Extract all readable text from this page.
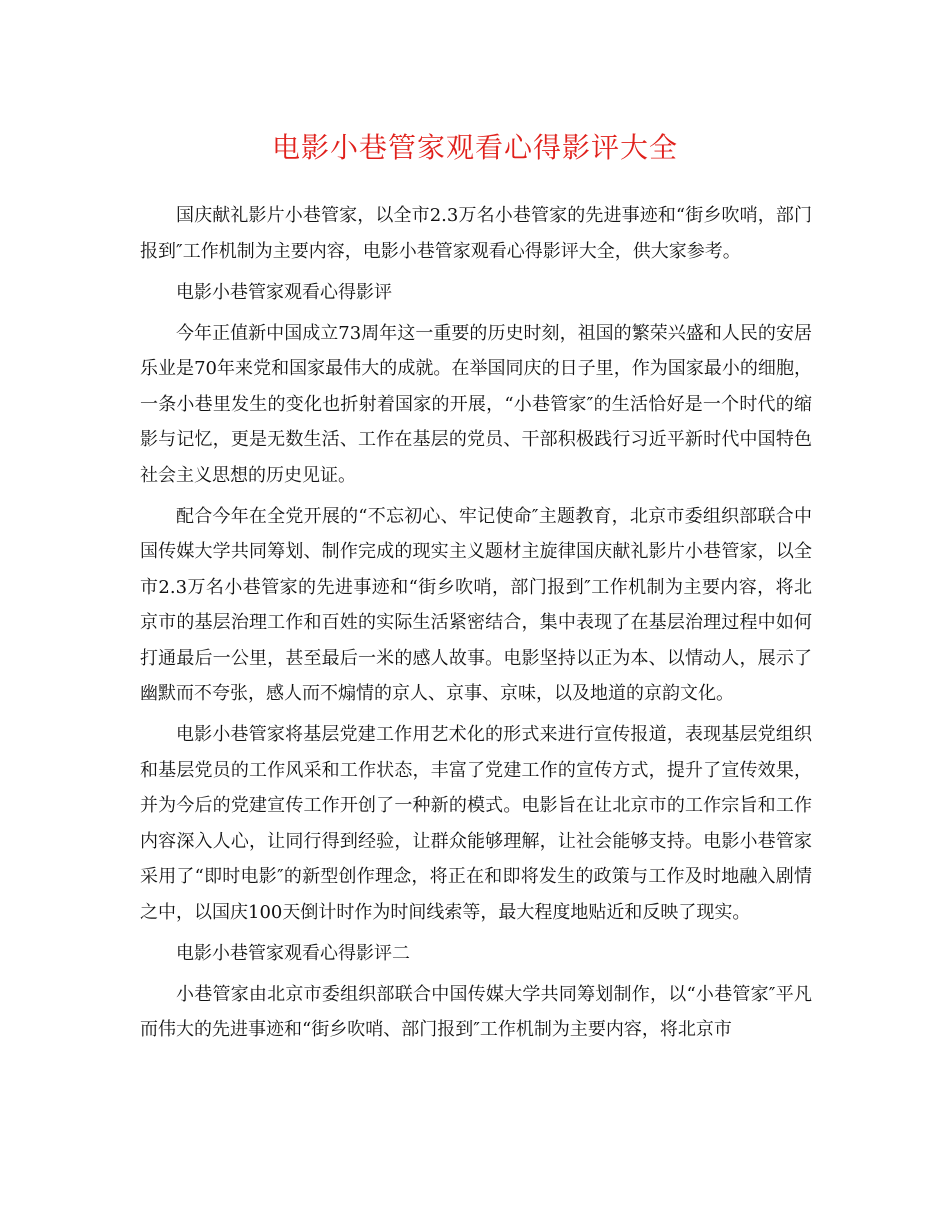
电影小巷管家观看心得影评大全

国庆献礼影片小巷管家，以全市2.3万名小巷管家的先进事迹和“街乡吹哨，部门报到″工作机制为主要内容，电影小巷管家观看心得影评大全，供大家参考。

电影小巷管家观看心得影评

今年正值新中国成立73周年这一重要的历史时刻，祖国的繁荣兴盛和人民的安居乐业是70年来党和国家最伟大的成就。在举国同庆的日子里，作为国家最小的细胞，一条小巷里发生的变化也折射着国家的开展，“小巷管家″的生活恰好是一个时代的缩影与记忆，更是无数生活、工作在基层的党员、干部积极践行习近平新时代中国特色社会主义思想的历史见证。

配合今年在全党开展的“不忘初心、牢记使命″主题教育，北京市委组织部联合中国传媒大学共同筹划、制作完成的现实主义题材主旋律国庆献礼影片小巷管家，以全市2.3万名小巷管家的先进事迹和“街乡吹哨，部门报到″工作机制为主要内容，将北京市的基层治理工作和百姓的实际生活紧密结合，集中表现了在基层治理过程中如何打通最后一公里，甚至最后一米的感人故事。电影坚持以正为本、以情动人，展示了幽默而不夸张，感人而不煽情的京人、京事、京味，以及地道的京韵文化。

电影小巷管家将基层党建工作用艺术化的形式来进行宣传报道，表现基层党组织和基层党员的工作风采和工作状态，丰富了党建工作的宣传方式，提升了宣传效果，并为今后的党建宣传工作开创了一种新的模式。电影旨在让北京市的工作宗旨和工作内容深入人心，让同行得到经验，让群众能够理解，让社会能够支持。电影小巷管家采用了“即时电影″的新型创作理念，将正在和即将发生的政策与工作及时地融入剧情之中，以国庆100天倒计时作为时间线索等，最大程度地贴近和反映了现实。

电影小巷管家观看心得影评二

小巷管家由北京市委组织部联合中国传媒大学共同筹划制作，以“小巷管家″平凡而伟大的先进事迹和“街乡吹哨、部门报到″工作机制为主要内容，将北京市
